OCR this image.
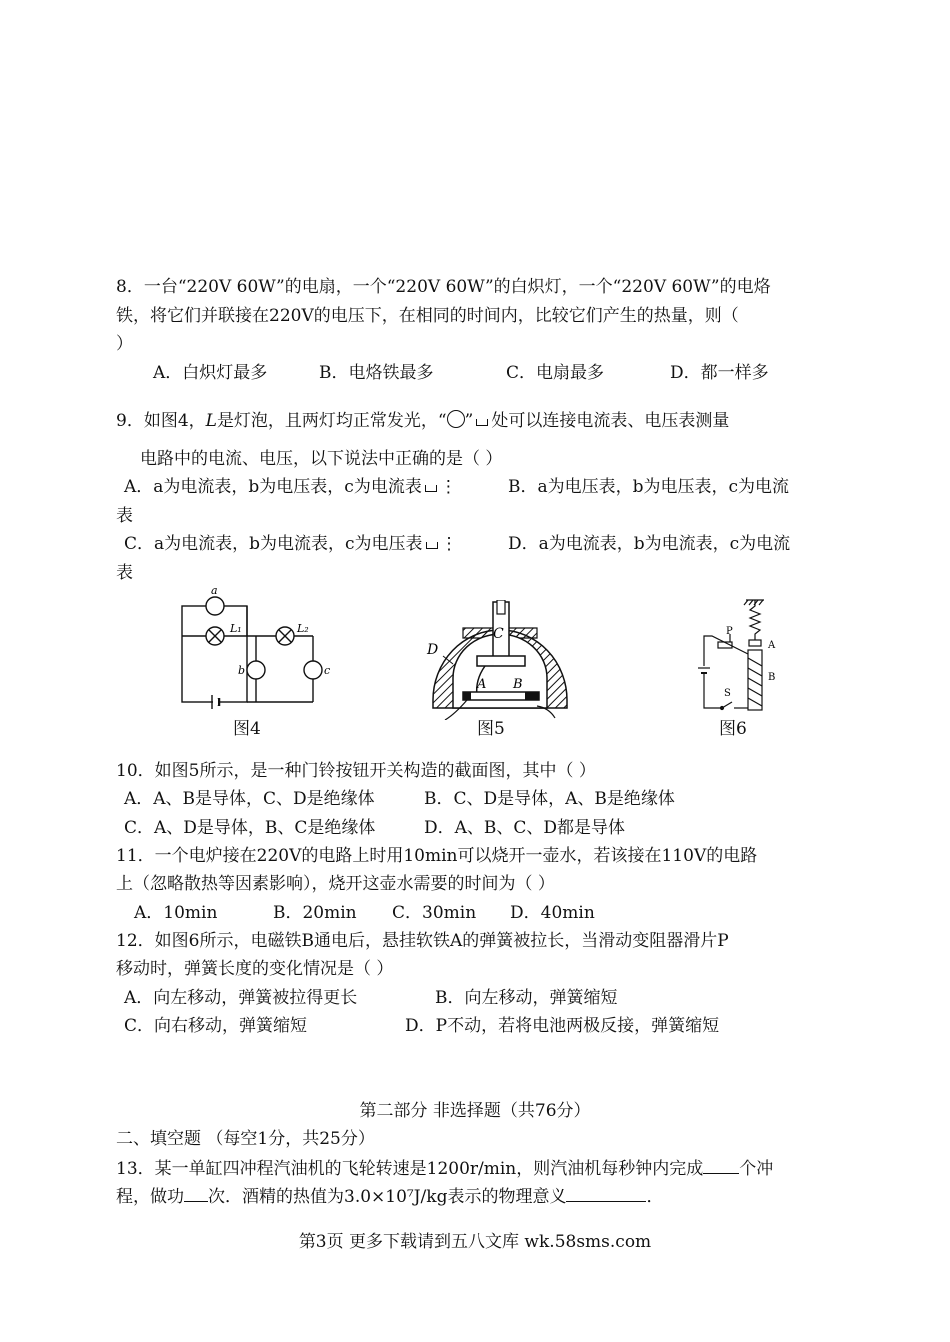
8．一台“220V 60W”的电扇，一个“220V 60W”的白炽灯，一个“220V 60W”的电烙
铁，将它们并联接在220V的电压下，在相同的时间内，比较它们产生的热量，则（
）
A．白炽灯最多	B．电烙铁最多	C．电扇最多	D．都一样多
9．如图4，L是灯泡，且两灯均正常发光，“ ” 处可以连接电流表、电压表测量
电路中的电流、电压，以下说法中正确的是（ ）
A．a为电流表，b为电压表，c为电流表 ⋮	B．a为电压表，b为电压表，c为电流
表
C．a为电流表，b为电流表，c为电压表 ⋮	D．a为电流表，b为电流表，c为电流
表
a
L₁	L₂
b	c
图4
D
C
A B
图5
P
A
B
S
图6
10．如图5所示，是一种门铃按钮开关构造的截面图，其中（ ）
A．A、B是导体，C、D是绝缘体	B．C、D是导体，A、B是绝缘体
C．A、D是导体，B、C是绝缘体	D．A、B、C、D都是导体
11．一个电炉接在220V的电路上时用10min可以烧开一壶水，若该接在110V的电路
上（忽略散热等因素影响），烧开这壶水需要的时间为（ ）
A．10min	B．20min C．30min D．40min
12．如图6所示，电磁铁B通电后，悬挂软铁A的弹簧被拉长，当滑动变阻器滑片P
移动时，弹簧长度的变化情况是（ ）
A．向左移动，弹簧被拉得更长	B．向左移动，弹簧缩短
C．向右移动，弹簧缩短	D．P不动，若将电池两极反接，弹簧缩短
第二部分 非选择题（共76分）
二、填空题 （每空1分，共25分）
13．某一单缸四冲程汽油机的飞轮转速是1200r/min，则汽油机每秒钟内完成 个冲
程，做功 次．酒精的热值为3.0×10⁷J/kg表示的物理意义	．
第3页 更多下载请到五八文库 wk.58sms.com
